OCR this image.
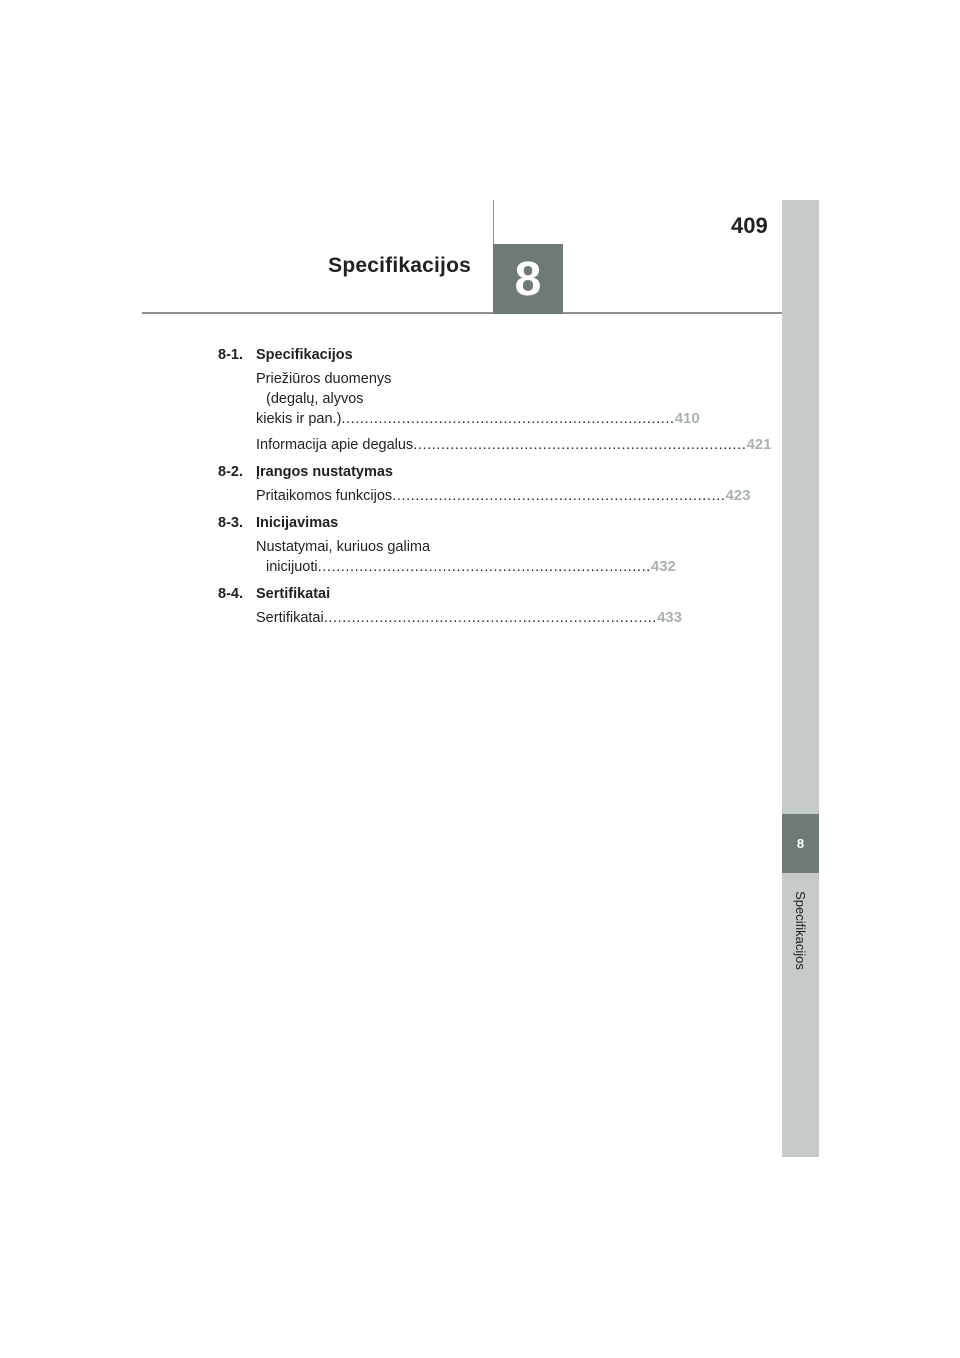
8
Specifikacijos
409
8
Specifikacijos
8-1. Specifikacijos
Priežiūros duomenys
(degalų, alyvos
kiekis ir pan.) ........................................................................ 410
Informacija apie degalus ........................................................................ 421
8-2. Įrangos nustatymas
Pritaikomos funkcijos ........................................................................ 423
8-3. Inicijavimas
Nustatymai, kuriuos galima
inicijuoti ........................................................................ 432
8-4. Sertifikatai
Sertifikatai ........................................................................ 433
